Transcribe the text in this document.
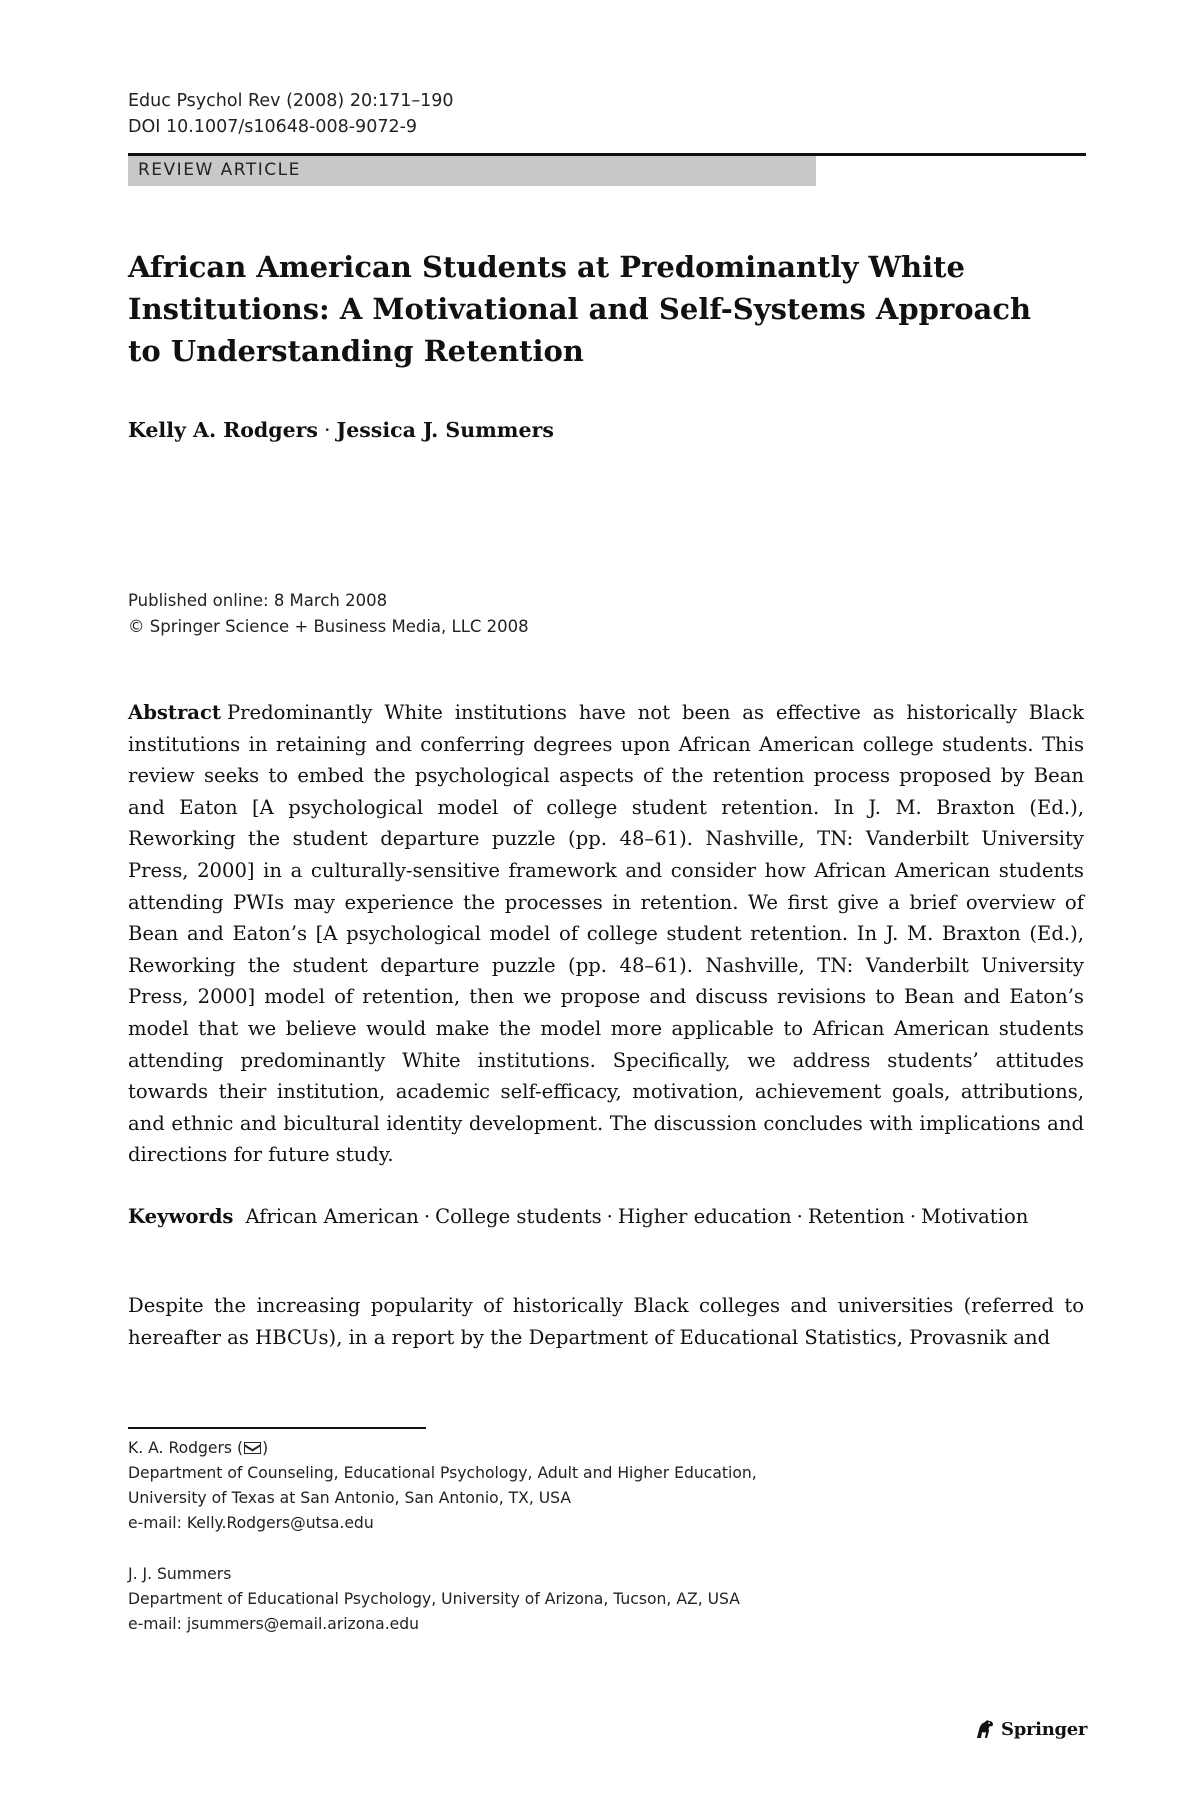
Educ Psychol Rev (2008) 20:171–190
DOI 10.1007/s10648-008-9072-9
REVIEW ARTICLE
African American Students at Predominantly White Institutions: A Motivational and Self-Systems Approach to Understanding Retention
Kelly A. Rodgers · Jessica J. Summers
Published online: 8 March 2008
© Springer Science + Business Media, LLC 2008

Abstract Predominantly White institutions have not been as effective as historically Black institutions in retaining and conferring degrees upon African American college students. This review seeks to embed the psychological aspects of the retention process proposed by Bean and Eaton [A psychological model of college student retention. In J. M. Braxton (Ed.), Reworking the student departure puzzle (pp. 48–61). Nashville, TN: Vanderbilt University Press, 2000] in a culturally-sensitive framework and consider how African American students attending PWIs may experience the processes in retention. We first give a brief overview of Bean and Eaton’s [A psychological model of college student retention. In J. M. Braxton (Ed.), Reworking the student departure puzzle (pp. 48–61). Nashville, TN: Vanderbilt University Press, 2000] model of retention, then we propose and discuss revisions to Bean and Eaton’s model that we believe would make the model more applicable to African American students attending predominantly White institutions. Specifically, we address students’ attitudes towards their institution, academic self-efficacy, motivation, achievement goals, attributions, and ethnic and bicultural identity development. The discussion concludes with implications and directions for future study.

Keywords African American · College students · Higher education · Retention · Motivation

Despite the increasing popularity of historically Black colleges and universities (referred to hereafter as HBCUs), in a report by the Department of Educational Statistics, Provasnik and

K. A. Rodgers ( )
Department of Counseling, Educational Psychology, Adult and Higher Education,
University of Texas at San Antonio, San Antonio, TX, USA
e-mail: Kelly.Rodgers@utsa.edu
J. J. Summers
Department of Educational Psychology, University of Arizona, Tucson, AZ, USA
e-mail: jsummers@email.arizona.edu
Springer
